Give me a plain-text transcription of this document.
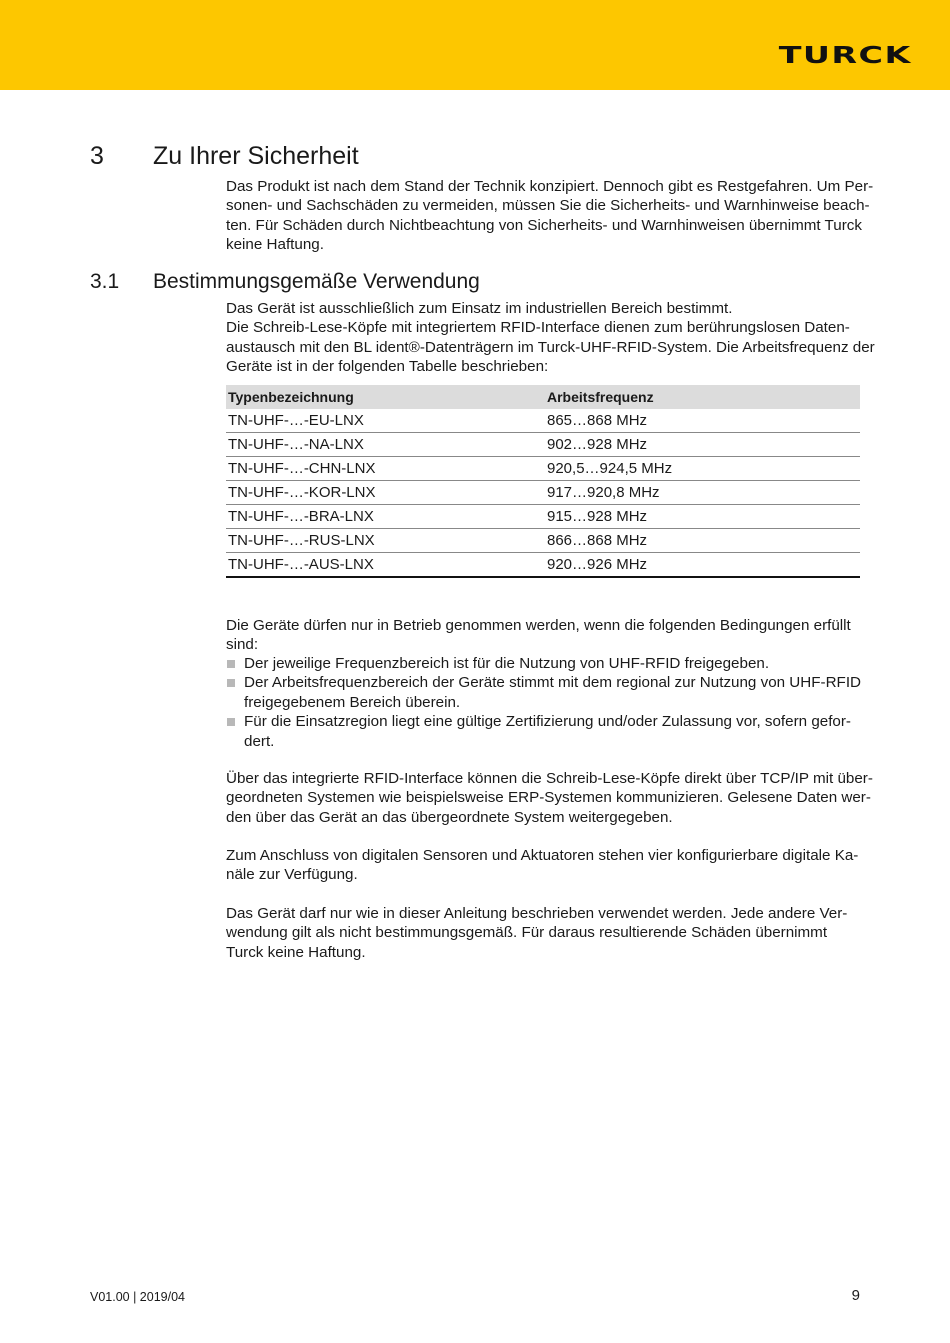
TURCK
3 Zu Ihrer Sicherheit

Das Produkt ist nach dem Stand der Technik konzipiert. Dennoch gibt es Restgefahren. Um Per-
sonen- und Sachschäden zu vermeiden, müssen Sie die Sicherheits- und Warnhinweise beach-
ten. Für Schäden durch Nichtbeachtung von Sicherheits- und Warnhinweisen übernimmt Turck
keine Haftung.

3.1 Bestimmungsgemäße Verwendung

Das Gerät ist ausschließlich zum Einsatz im industriellen Bereich bestimmt.
Die Schreib-Lese-Köpfe mit integriertem RFID-Interface dienen zum berührungslosen Daten-
austausch mit den BL ident®-Datenträgern im Turck-UHF-RFID-System. Die Arbeitsfrequenz der
Geräte ist in der folgenden Tabelle beschrieben:

Typenbezeichnung	Arbeitsfrequenz
TN-UHF-…-EU-LNX	865…868 MHz
TN-UHF-…-NA-LNX	902…928 MHz
TN-UHF-…-CHN-LNX	920,5…924,5 MHz
TN-UHF-…-KOR-LNX	917…920,8 MHz
TN-UHF-…-BRA-LNX	915…928 MHz
TN-UHF-…-RUS-LNX	866…868 MHz
TN-UHF-…-AUS-LNX	920…926 MHz

Die Geräte dürfen nur in Betrieb genommen werden, wenn die folgenden Bedingungen erfüllt
sind:

Der jeweilige Frequenzbereich ist für die Nutzung von UHF-RFID freigegeben.
Der Arbeitsfrequenzbereich der Geräte stimmt mit dem regional zur Nutzung von UHF-RFID
freigegebenem Bereich überein.
Für die Einsatzregion liegt eine gültige Zertifizierung und/oder Zulassung vor, sofern gefor-
dert.

Über das integrierte RFID-Interface können die Schreib-Lese-Köpfe direkt über TCP/IP mit über-
geordneten Systemen wie beispielsweise ERP-Systemen kommunizieren. Gelesene Daten wer-
den über das Gerät an das übergeordnete System weitergegeben.

Zum Anschluss von digitalen Sensoren und Aktuatoren stehen vier konfigurierbare digitale Ka-
näle zur Verfügung.

Das Gerät darf nur wie in dieser Anleitung beschrieben verwendet werden. Jede andere Ver-
wendung gilt als nicht bestimmungsgemäß. Für daraus resultierende Schäden übernimmt
Turck keine Haftung.

V01.00 | 2019/04	9
